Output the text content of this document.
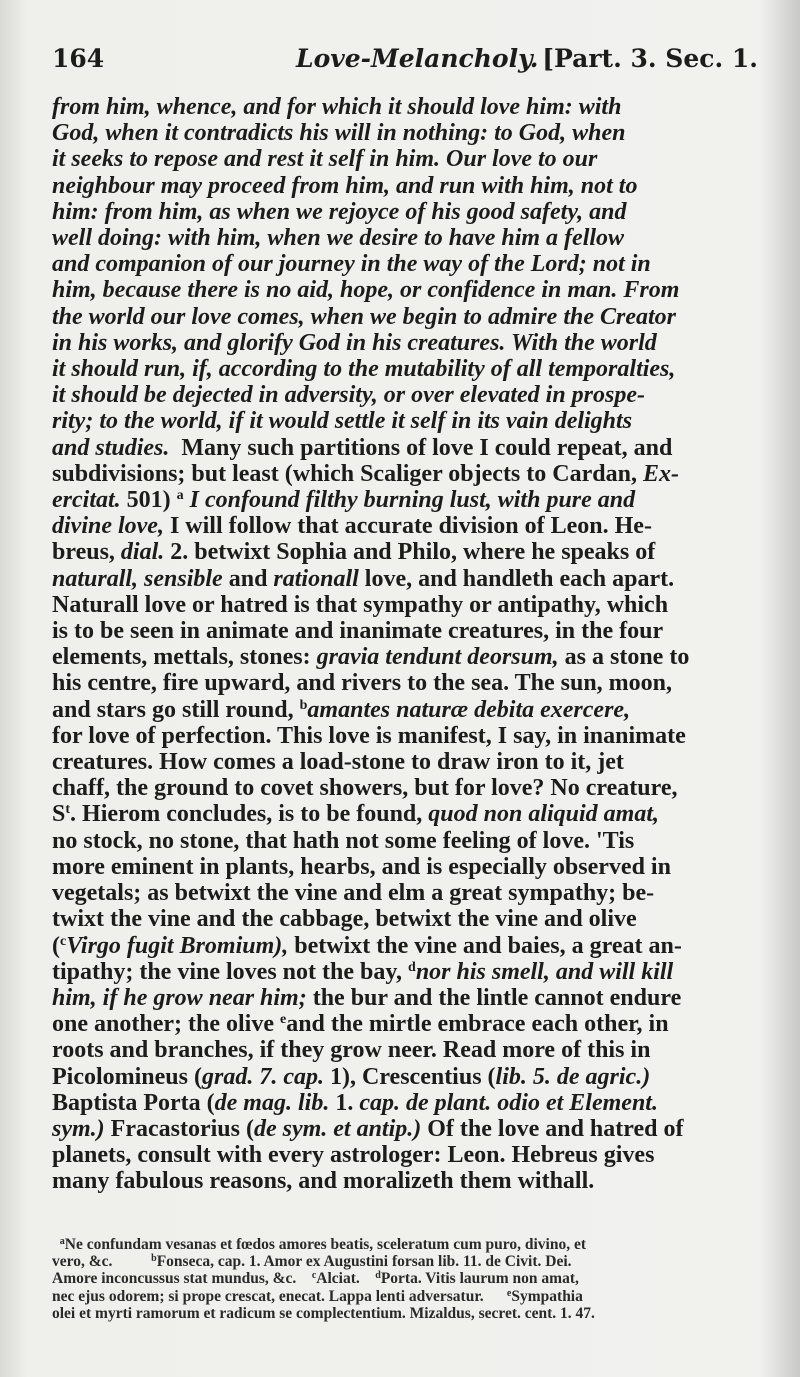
164	Love-Melancholy. [Part. 3. Sec. 1.
from him, whence, and for which it should love him: with
God, when it contradicts his will in nothing: to God, when
it seeks to repose and rest it self in him. Our love to our
neighbour may proceed from him, and run with him, not to
him: from him, as when we rejoyce of his good safety, and
well doing: with him, when we desire to have him a fellow
and companion of our journey in the way of the Lord; not in
him, because there is no aid, hope, or confidence in man. From
the world our love comes, when we begin to admire the Creator
in his works, and glorify God in his creatures. With the world
it should run, if, according to the mutability of all temporalties,
it should be dejected in adversity, or over elevated in prospe-
rity; to the world, if it would settle it self in its vain delights
and studies. Many such partitions of love I could repeat, and
subdivisions; but least (which Scaliger objects to Cardan, Ex-
ercitat. 501) $^a$ I confound filthy burning lust, with pure and
divine love, I will follow that accurate division of Leon. He-
breus, dial. 2. betwixt Sophia and Philo, where he speaks of
naturall, sensible and rationall love, and handleth each apart.
Naturall love or hatred is that sympathy or antipathy, which
is to be seen in animate and inanimate creatures, in the four
elements, mettals, stones: gravia tendunt deorsum, as a stone to
his centre, fire upward, and rivers to the sea. The sun, moon,
and stars go still round, $^b$amantes naturæ debita exercere,
for love of perfection. This love is manifest, I say, in inanimate
creatures. How comes a load-stone to draw iron to it, jet
chaff, the ground to covet showers, but for love? No creature,
$S^t$. Hierom concludes, is to be found, quod non aliquid amat,
no stock, no stone, that hath not some feeling of love. 'Tis
more eminent in plants, hearbs, and is especially observed in
vegetals; as betwixt the vine and elm a great sympathy; be-
twixt the vine and the cabbage, betwixt the vine and olive
($^c$Virgo fugit Bromium), betwixt the vine and baies, a great an-
tipathy; the vine loves not the bay, $^d$nor his smell, and will kill
him, if he grow near him; the bur and the lintle cannot endure
one another; the olive $^e$and the mirtle embrace each other, in
roots and branches, if they grow neer. Read more of this in
Picolomineus (grad. 7. cap. 1), Crescentius (lib. 5. de agric.)
Baptista Porta (de mag. lib. 1. cap. de plant. odio et Element.
sym.) Fracastorius (de sym. et antip.) Of the love and hatred of
planets, consult with every astrologer: Leon. Hebreus gives
many fabulous reasons, and moralizeth them withall.
$^a$Ne confundam vesanas et fœdos amores beatis, sceleratum cum puro, divino, et
vero, &c.	$^b$Fonseca, cap. 1. Amor ex Augustini forsan lib. 11. de Civit. Dei.
Amore inconcussus stat mundus, &c. $^c$Alciat. $^d$Porta. Vitis laurum non amat,
nec ejus odorem; si prope crescat, enecat. Lappa lenti adversatur. $^e$Sympathia
olei et myrti ramorum et radicum se complectentium. Mizaldus, secret. cent. 1. 47.
